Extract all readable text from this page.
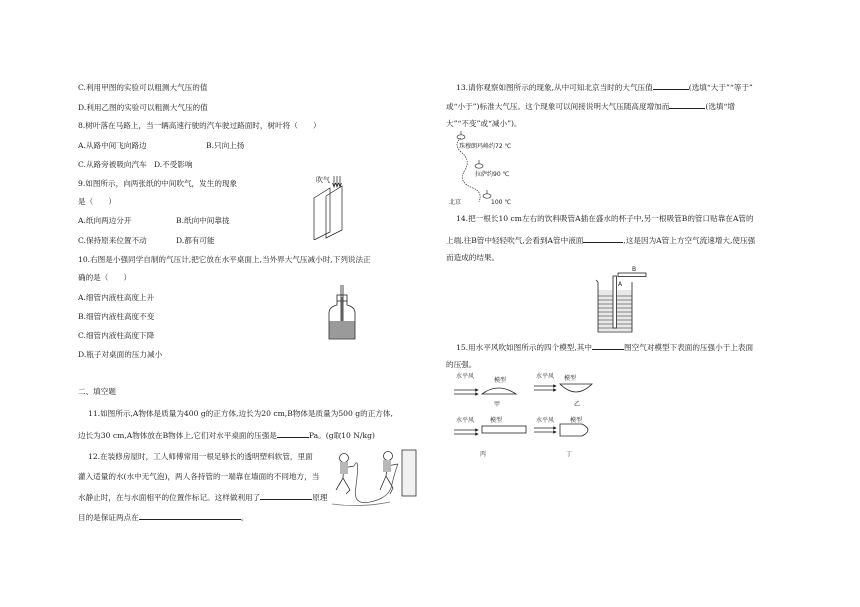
C.利用甲图的实验可以粗测大气压的值
D.利用乙图的实验可以粗测大气压的值
8.树叶落在马路上，当一辆高速行驶的汽车驶过路面时，树叶将（　　）
A.从路中间飞向路边	B.只向上扬
C.从路旁被吸向汽车 D.不受影响
9.如图所示，向两张纸的中间吹气，发生的现象
是（　　）
A.纸向两边分开	B.纸向中间靠拢
C.保持原来位置不动	D.都有可能
吹气
10.右图是小强同学自制的气压计,把它放在水平桌面上,当外界大气压减小时,下列说法正
确的是（　　）
A.细管内液柱高度上升
B.细管内液柱高度不变
C.细管内液柱高度下降
D.瓶子对桌面的压力减小
二、填空题
11.如图所示,A物体是质量为400 g的正方体,边长为20 cm,B物体是质量为500 g的正方体,
边长为30 cm,A物体放在B物体上,它们对水平桌面的压强是	Pa。(g取10 N/kg)
12.在装修房屋时，工人师傅常用一根足够长的透明塑料软管，里面
灌入适量的水(水中无气泡)，两人各持管的一端靠在墙面的不同地方，当
水静止时，在与水面相平的位置作标记。这样做利用了	原理
目的是保证两点在	。
13.请你观察如图所示的现象,从中可知北京当时的大气压值	(选填“大于”“等于”
或“小于”)标准大气压。这个现象可以间接说明大气压随高度增加而	(选填“增
大”“不变”或“减小”)。
珠穆朗玛峰约72 ℃
拉萨约90 ℃
北京	100 ℃
14.把一根长10 cm左右的饮料吸管A插在盛水的杯子中,另一根吸管B的管口贴靠在A管的
上端,往B管中轻轻吹气,会看到A管中液面	,这是因为A管上方空气流速增大,使压强
而造成的结果。
A
B
15.用水平风吹如图所示的四个模型,其中	图空气对模型下表面的压强小于上表面
的压强。
水平风
模型
甲
水平风 模型
乙
水平风	模型
丙
水平风	模型
丁
